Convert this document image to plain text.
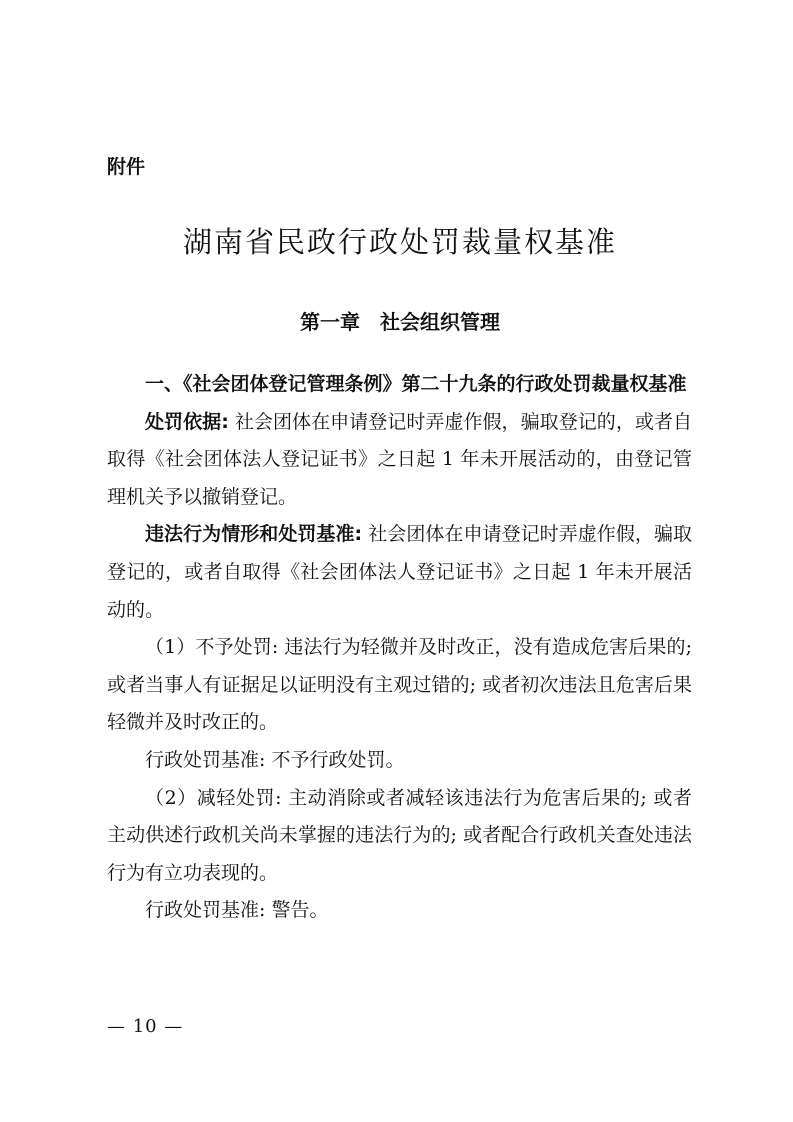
附件
湖南省民政行政处罚裁量权基准
第一章　社会组织管理

一、《社会团体登记管理条例》第二十九条的行政处罚裁量权基准

处罚依据: 社会团体在申请登记时弄虚作假，骗取登记的，或者自取得《社会团体法人登记证书》之日起 1 年未开展活动的，由登记管理机关予以撤销登记。

违法行为情形和处罚基准: 社会团体在申请登记时弄虚作假，骗取登记的，或者自取得《社会团体法人登记证书》之日起 1 年未开展活动的。

（1）不予处罚: 违法行为轻微并及时改正，没有造成危害后果的; 或者当事人有证据足以证明没有主观过错的; 或者初次违法且危害后果轻微并及时改正的。

行政处罚基准: 不予行政处罚。

（2）减轻处罚: 主动消除或者减轻该违法行为危害后果的; 或者主动供述行政机关尚未掌握的违法行为的; 或者配合行政机关查处违法行为有立功表现的。

行政处罚基准: 警告。

— 10 —
